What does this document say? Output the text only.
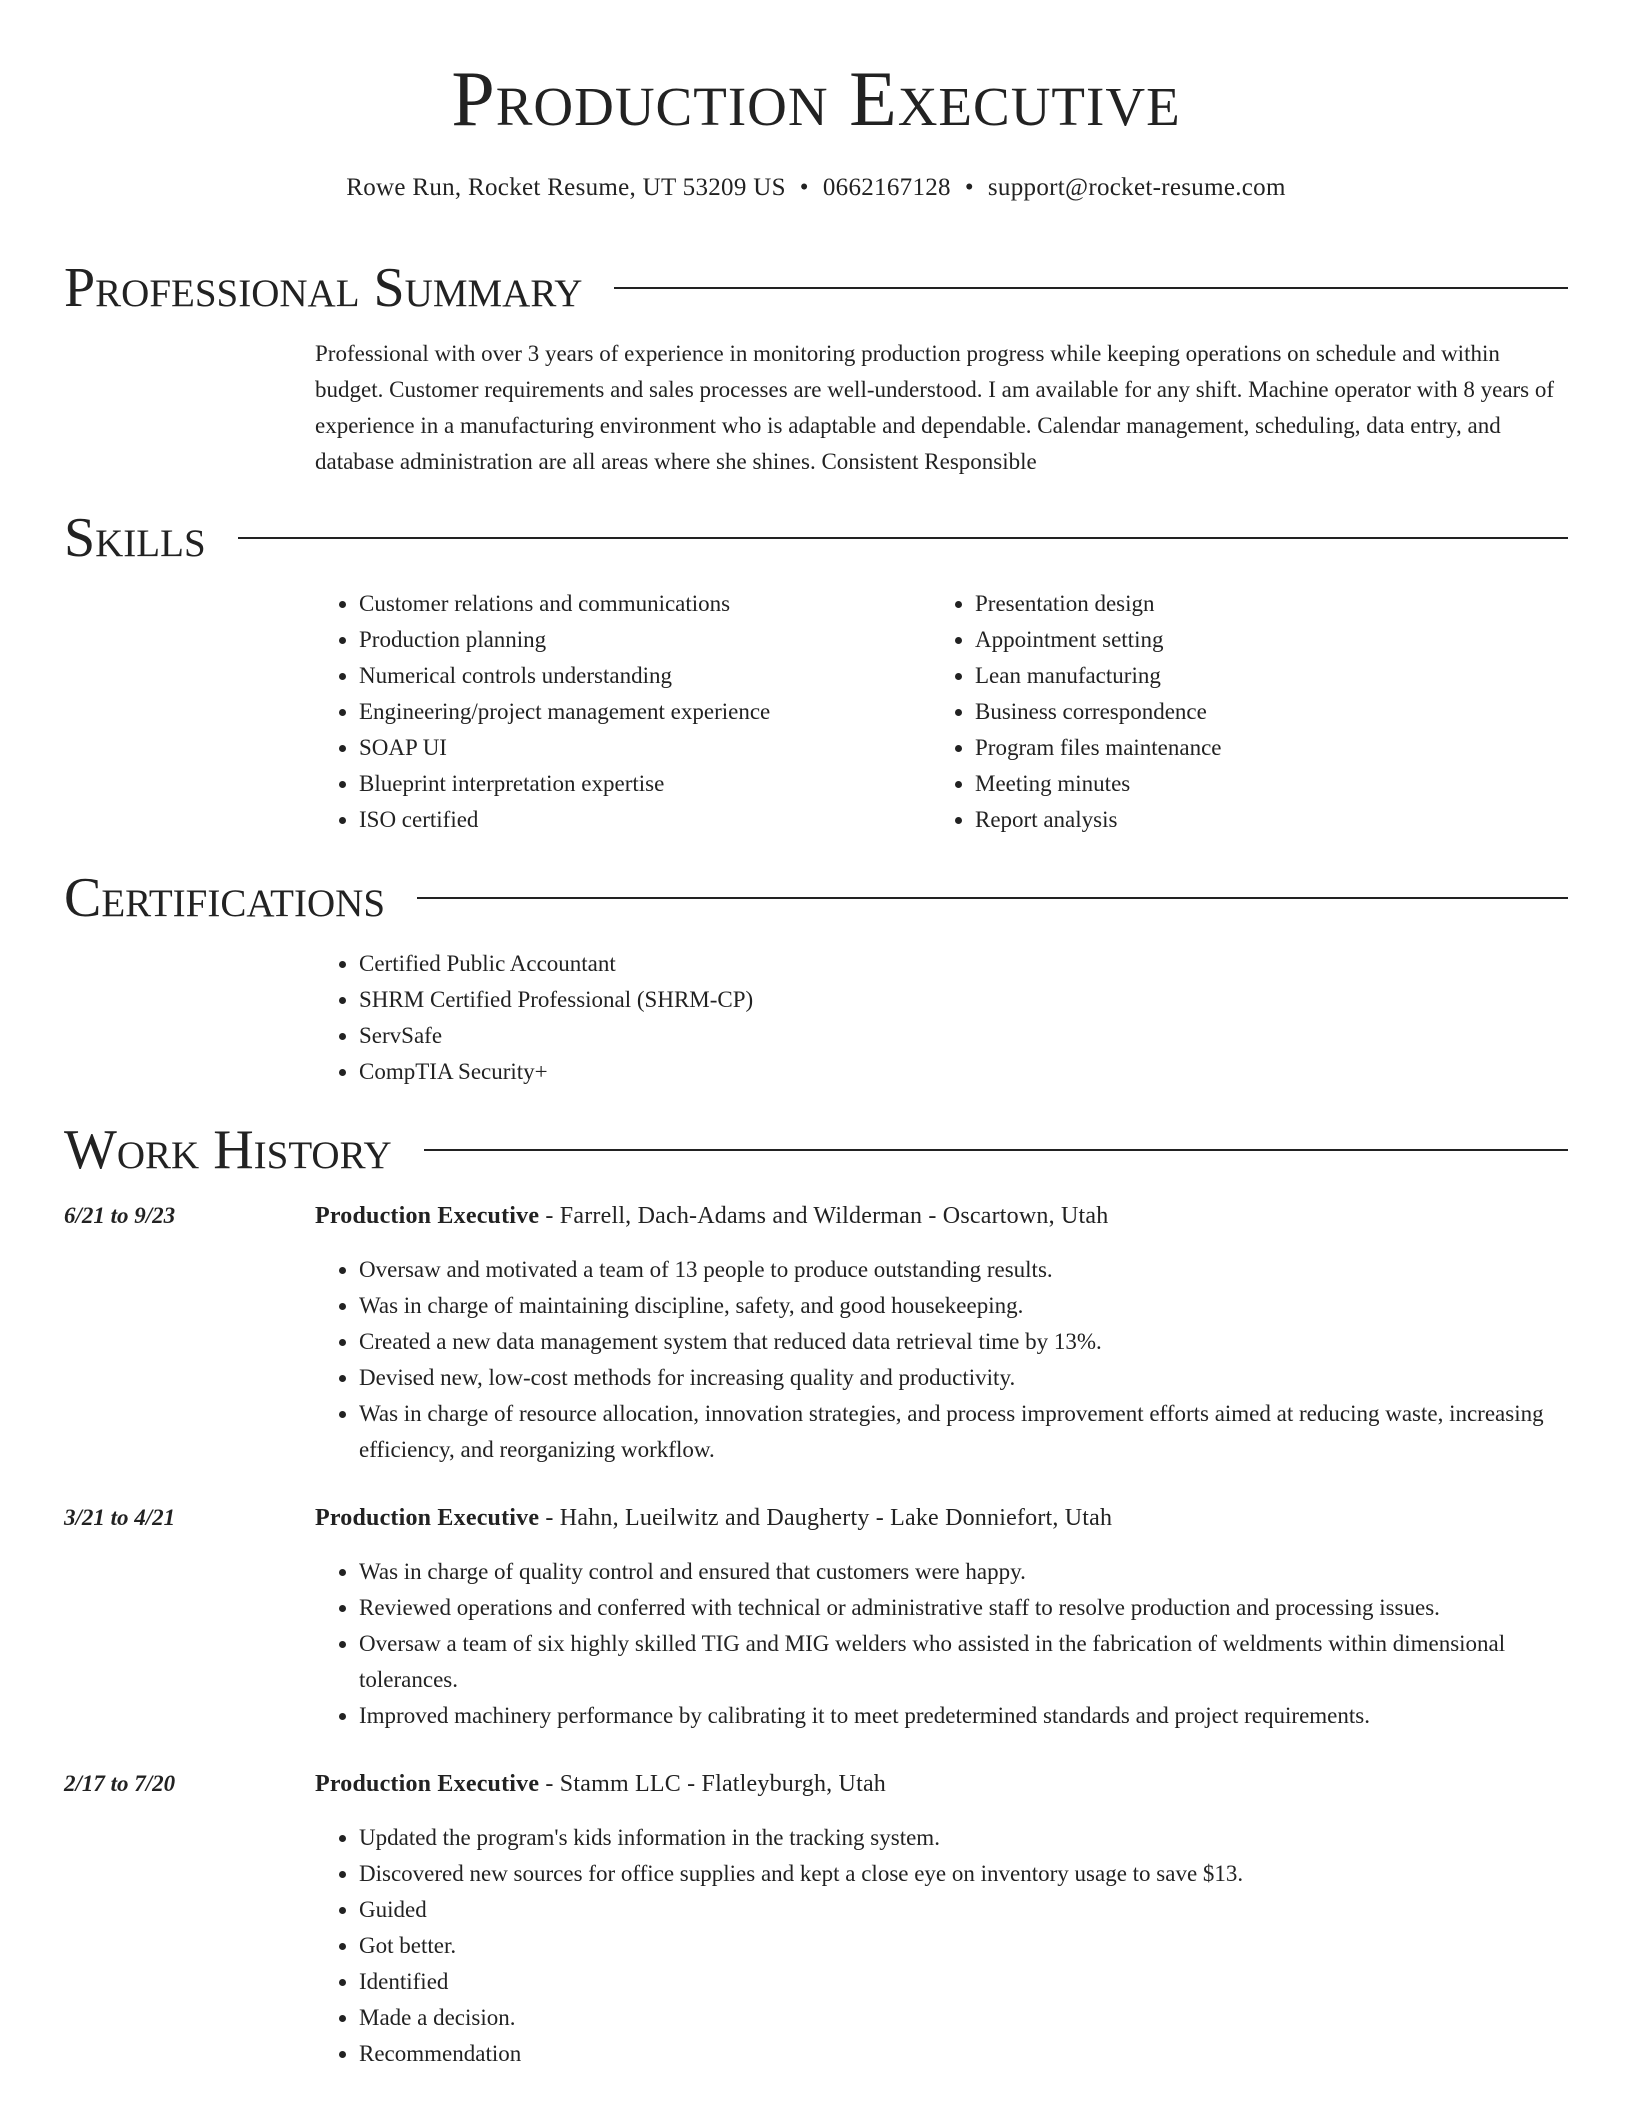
Production Executive
Rowe Run, Rocket Resume, UT 53209 US • 0662167128 • support@rocket-resume.com
Professional Summary
Professional with over 3 years of experience in monitoring production progress while keeping operations on schedule and within budget. Customer requirements and sales processes are well-understood. I am available for any shift. Machine operator with 8 years of experience in a manufacturing environment who is adaptable and dependable. Calendar management, scheduling, data entry, and database administration are all areas where she shines. Consistent Responsible
Skills
• Customer relations and communications
• Production planning
• Numerical controls understanding
• Engineering/project management experience
• SOAP UI
• Blueprint interpretation expertise
• ISO certified
• Presentation design
• Appointment setting
• Lean manufacturing
• Business correspondence
• Program files maintenance
• Meeting minutes
• Report analysis
Certifications
• Certified Public Accountant
• SHRM Certified Professional (SHRM-CP)
• ServSafe
• CompTIA Security+
Work History
6/21 to 9/23	Production Executive - Farrell, Dach-Adams and Wilderman - Oscartown, Utah
• Oversaw and motivated a team of 13 people to produce outstanding results.
• Was in charge of maintaining discipline, safety, and good housekeeping.
• Created a new data management system that reduced data retrieval time by 13%.
• Devised new, low-cost methods for increasing quality and productivity.
• Was in charge of resource allocation, innovation strategies, and process improvement efforts aimed at reducing waste, increasing efficiency, and reorganizing workflow.
3/21 to 4/21	Production Executive - Hahn, Lueilwitz and Daugherty - Lake Donniefort, Utah
• Was in charge of quality control and ensured that customers were happy.
• Reviewed operations and conferred with technical or administrative staff to resolve production and processing issues.
• Oversaw a team of six highly skilled TIG and MIG welders who assisted in the fabrication of weldments within dimensional tolerances.
• Improved machinery performance by calibrating it to meet predetermined standards and project requirements.
2/17 to 7/20	Production Executive - Stamm LLC - Flatleyburgh, Utah
• Updated the program's kids information in the tracking system.
• Discovered new sources for office supplies and kept a close eye on inventory usage to save $13.
• Guided
• Got better.
• Identified
• Made a decision.
• Recommendation
